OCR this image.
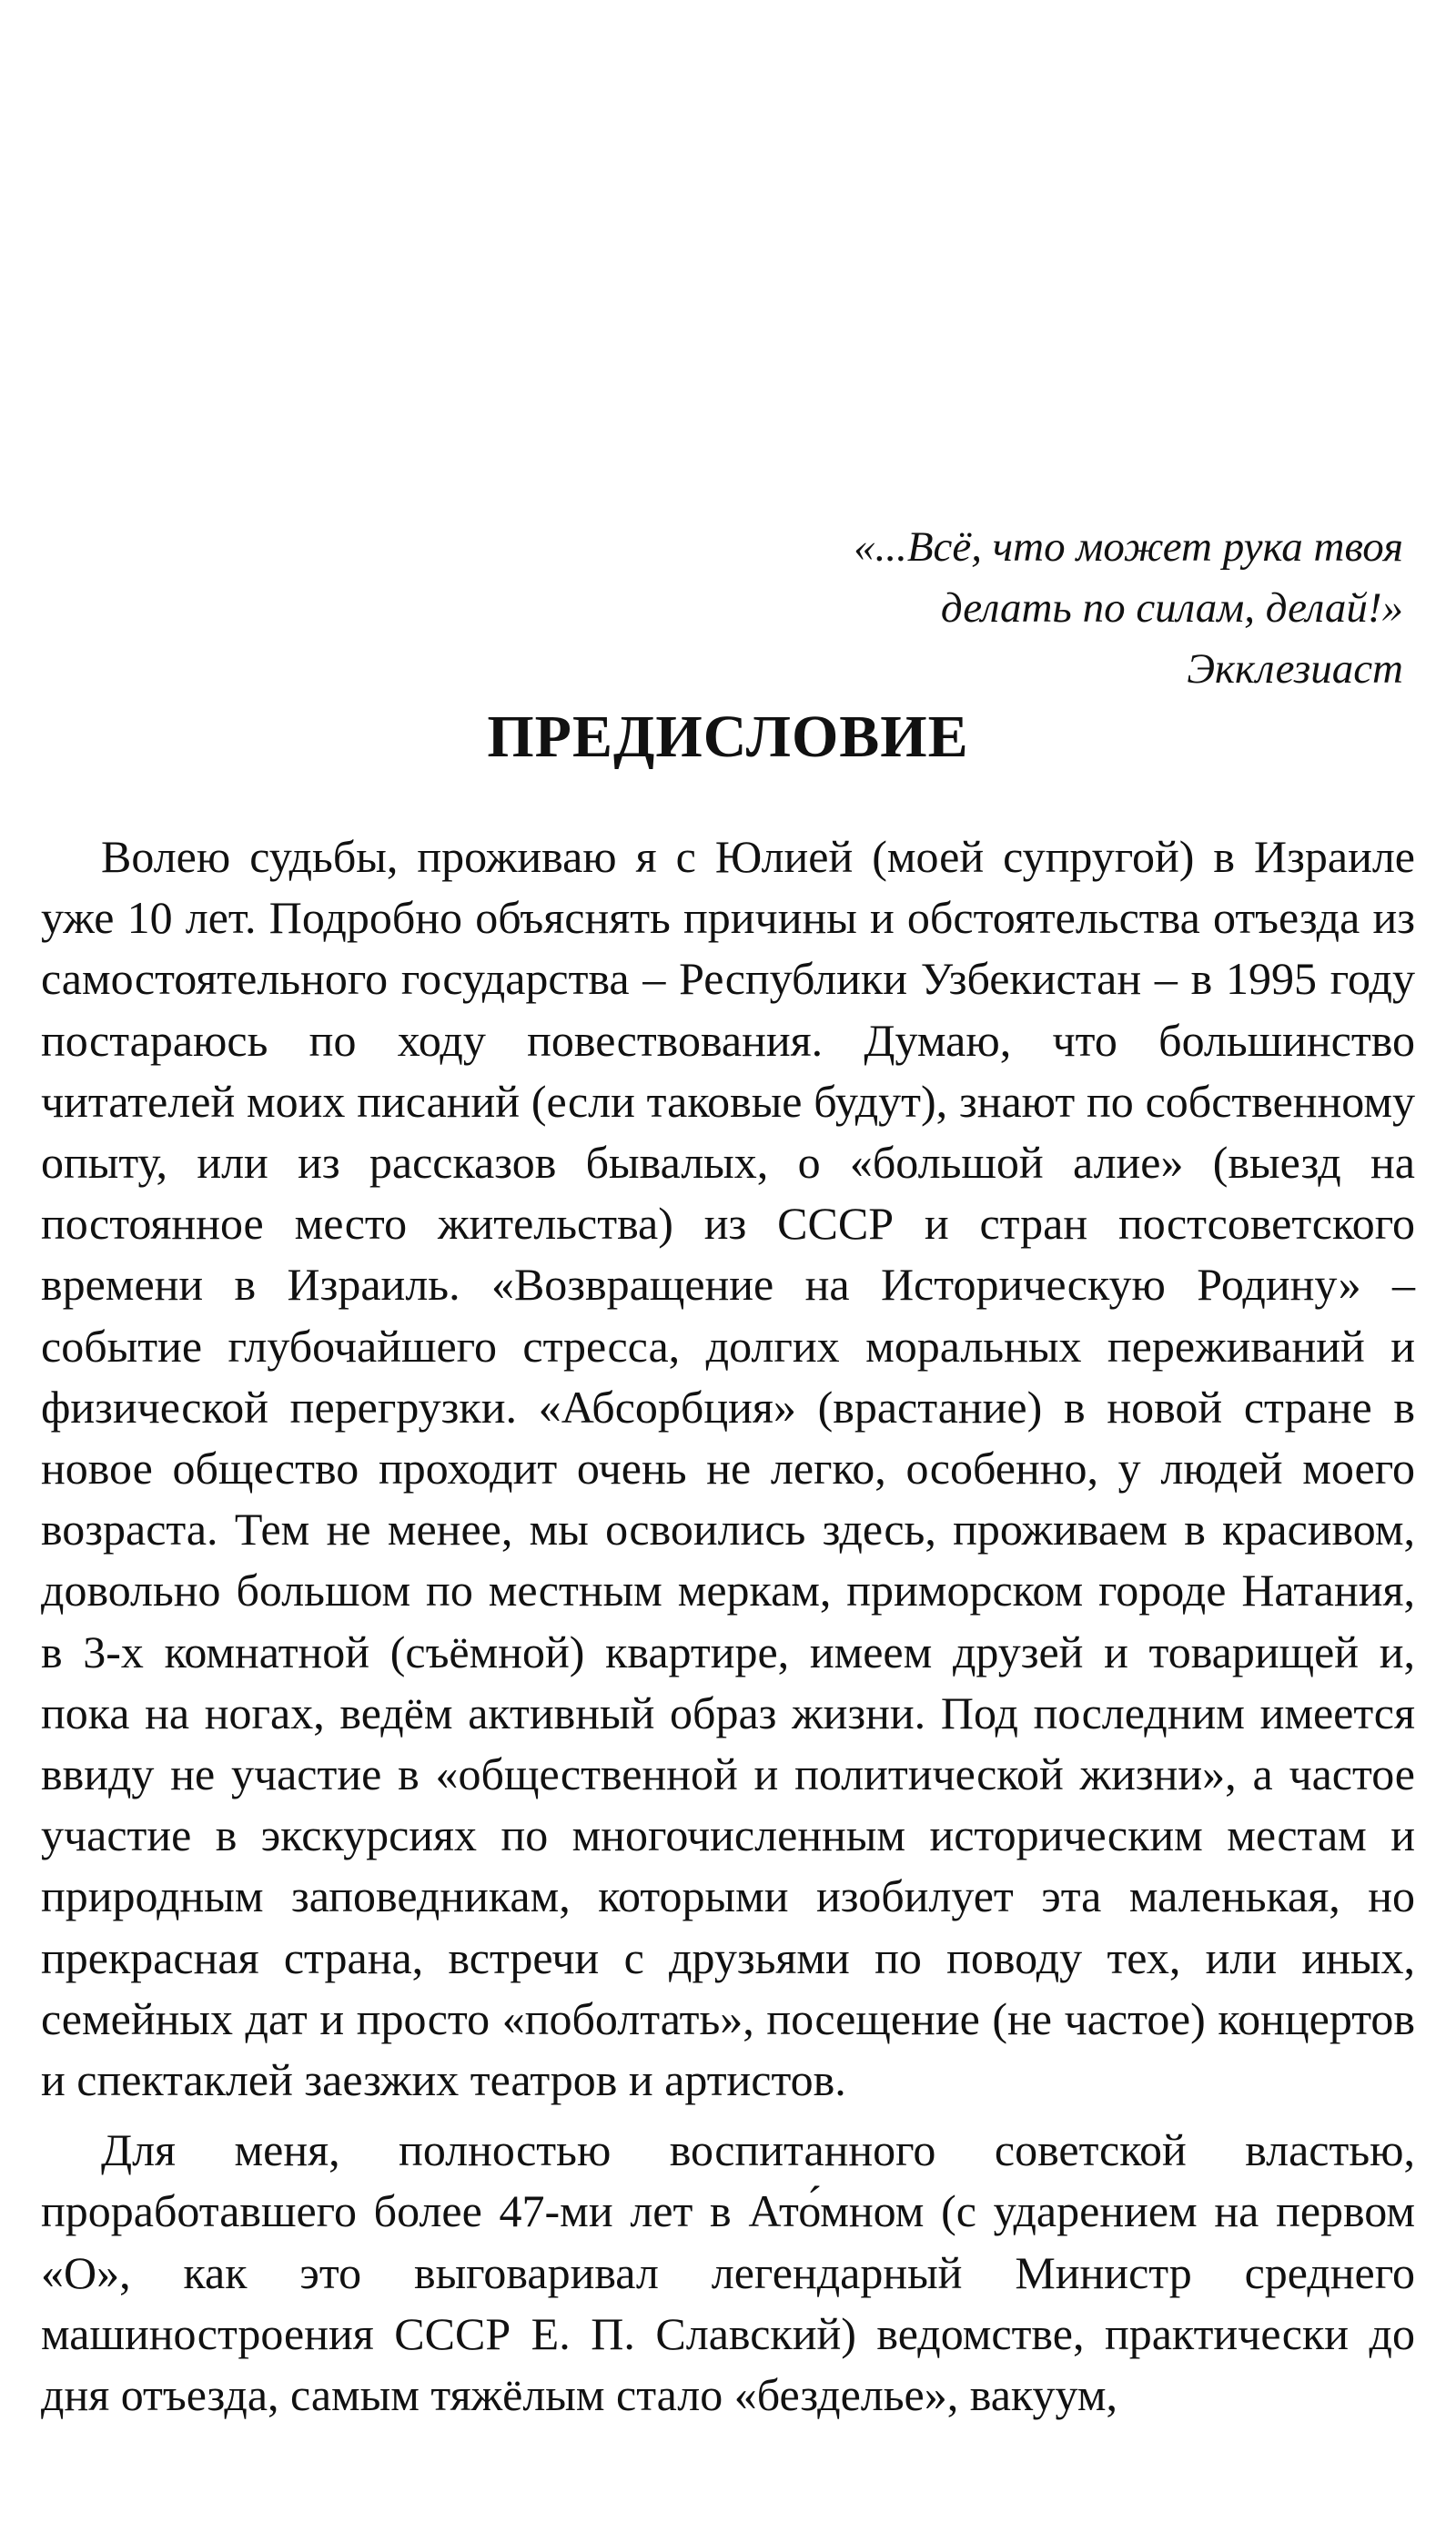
«...Всё, что может рука твоя
делать по силам, делай!»
Экклезиаст
ПРЕДИСЛОВИЕ

Волею судьбы, проживаю я с Юлией (моей супругой) в Израиле уже 10 лет. Подробно объяснять причины и обстоятельства отъезда из самостоятельного государства – Республики Узбекистан – в 1995 году постараюсь по ходу повествования. Думаю, что большинство читателей моих писаний (если таковые будут), знают по собственному опыту, или из рассказов бывалых, о «большой алие» (выезд на постоянное место жительства) из СССР и стран постсоветского времени в Израиль. «Возвращение на Историческую Родину» – событие глубочайшего стресса, долгих моральных переживаний и физической перегрузки. «Абсорбция» (врастание) в новой стране в новое общество проходит очень не легко, особенно, у людей моего возраста. Тем не менее, мы освоились здесь, проживаем в красивом, довольно большом по местным меркам, приморском городе Натания, в 3-х комнатной (съёмной) квартире, имеем друзей и товарищей и, пока на ногах, ведём активный образ жизни. Под последним имеется ввиду не участие в «общественной и политической жизни», а частое участие в экскурсиях по многочисленным историческим местам и природным заповедникам, которыми изобилует эта маленькая, но прекрасная страна, встречи с друзьями по поводу тех, или иных, семейных дат и просто «поболтать», посещение (не частое) концертов и спектаклей заезжих театров и артистов.

Для меня, полностью воспитанного советской властью, проработавшего более 47-ми лет в Ато́мном (с ударением на первом «О», как это выговаривал легендарный Министр среднего машиностроения СССР Е. П. Славский) ведомстве, практически до дня отъезда, самым тяжёлым стало «безделье», вакуум,
